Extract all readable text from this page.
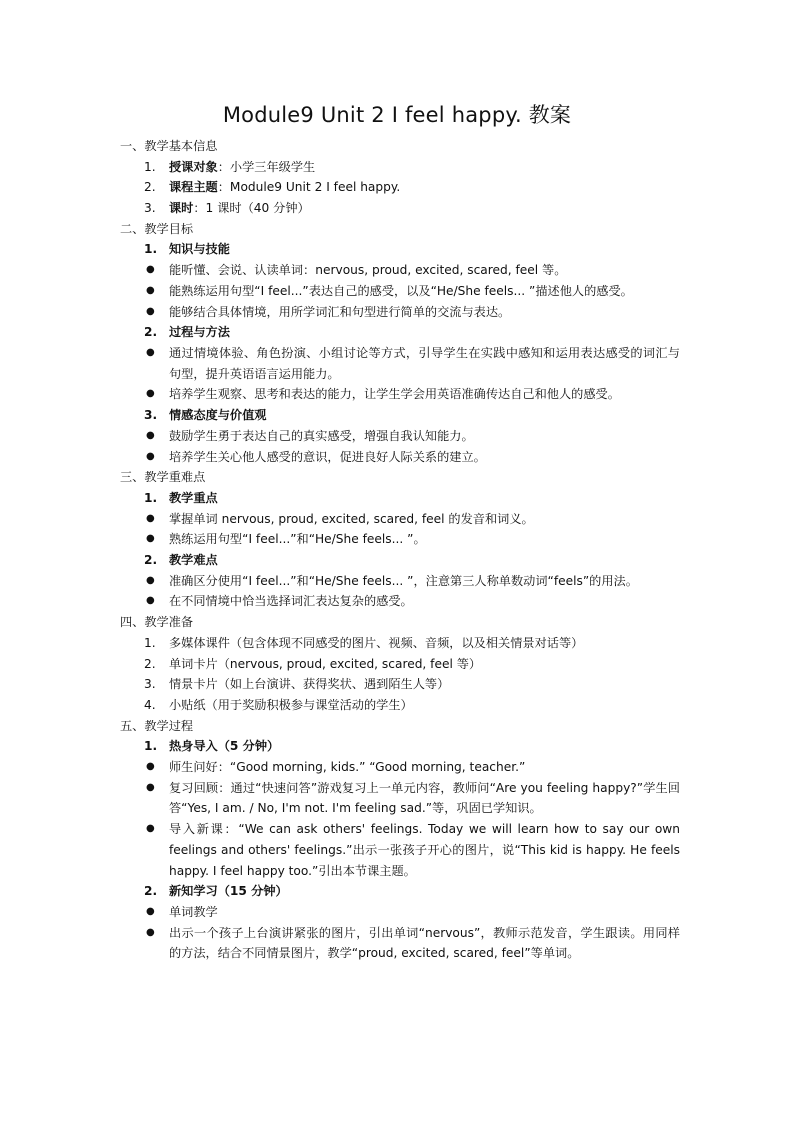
Module9 Unit 2 I feel happy. 教案
一、教学基本信息
1.	授课对象：小学三年级学生
2.	课程主题：Module9 Unit 2 I feel happy.
3.	课时：1 课时（40 分钟）
二、教学目标
1. 知识与技能
●	能听懂、会说、认读单词：nervous, proud, excited, scared, feel 等。
●	能熟练运用句型“I feel...”表达自己的感受，以及“He/She feels... ”描述他人的感受。
●	能够结合具体情境，用所学词汇和句型进行简单的交流与表达。
2. 过程与方法
●	通过情境体验、角色扮演、小组讨论等方式，引导学生在实践中感知和运用表达感受的词汇与句型，提升英语语言运用能力。
●	培养学生观察、思考和表达的能力，让学生学会用英语准确传达自己和他人的感受。
3. 情感态度与价值观
●	鼓励学生勇于表达自己的真实感受，增强自我认知能力。
●	培养学生关心他人感受的意识，促进良好人际关系的建立。
三、教学重难点
1. 教学重点
●	掌握单词 nervous, proud, excited, scared, feel 的发音和词义。
●	熟练运用句型“I feel...”和“He/She feels... ”。
2. 教学难点
●	准确区分使用“I feel...”和“He/She feels... ”，注意第三人称单数动词“feels”的用法。
●	在不同情境中恰当选择词汇表达复杂的感受。
四、教学准备
1.	多媒体课件（包含体现不同感受的图片、视频、音频，以及相关情景对话等）
2.	单词卡片（nervous, proud, excited, scared, feel 等）
3.	情景卡片（如上台演讲、获得奖状、遇到陌生人等）
4.	小贴纸（用于奖励积极参与课堂活动的学生）
五、教学过程
1. 热身导入（5 分钟）
●	师生问好：“Good morning, kids.” “Good morning, teacher.”
●	复习回顾：通过“快速问答”游戏复习上一单元内容，教师问“Are you feeling happy?”学生回答“Yes, I am. / No, I'm not. I'm feeling sad.”等，巩固已学知识。
●	导入新课：“We can ask others' feelings. Today we will learn how to say our own feelings and others' feelings.”出示一张孩子开心的图片，说“This kid is happy. He feels happy. I feel happy too.”引出本节课主题。
2. 新知学习（15 分钟）
●	单词教学
●	出示一个孩子上台演讲紧张的图片，引出单词“nervous”，教师示范发音，学生跟读。用同样的方法，结合不同情景图片，教学“proud, excited, scared, feel”等单词。
